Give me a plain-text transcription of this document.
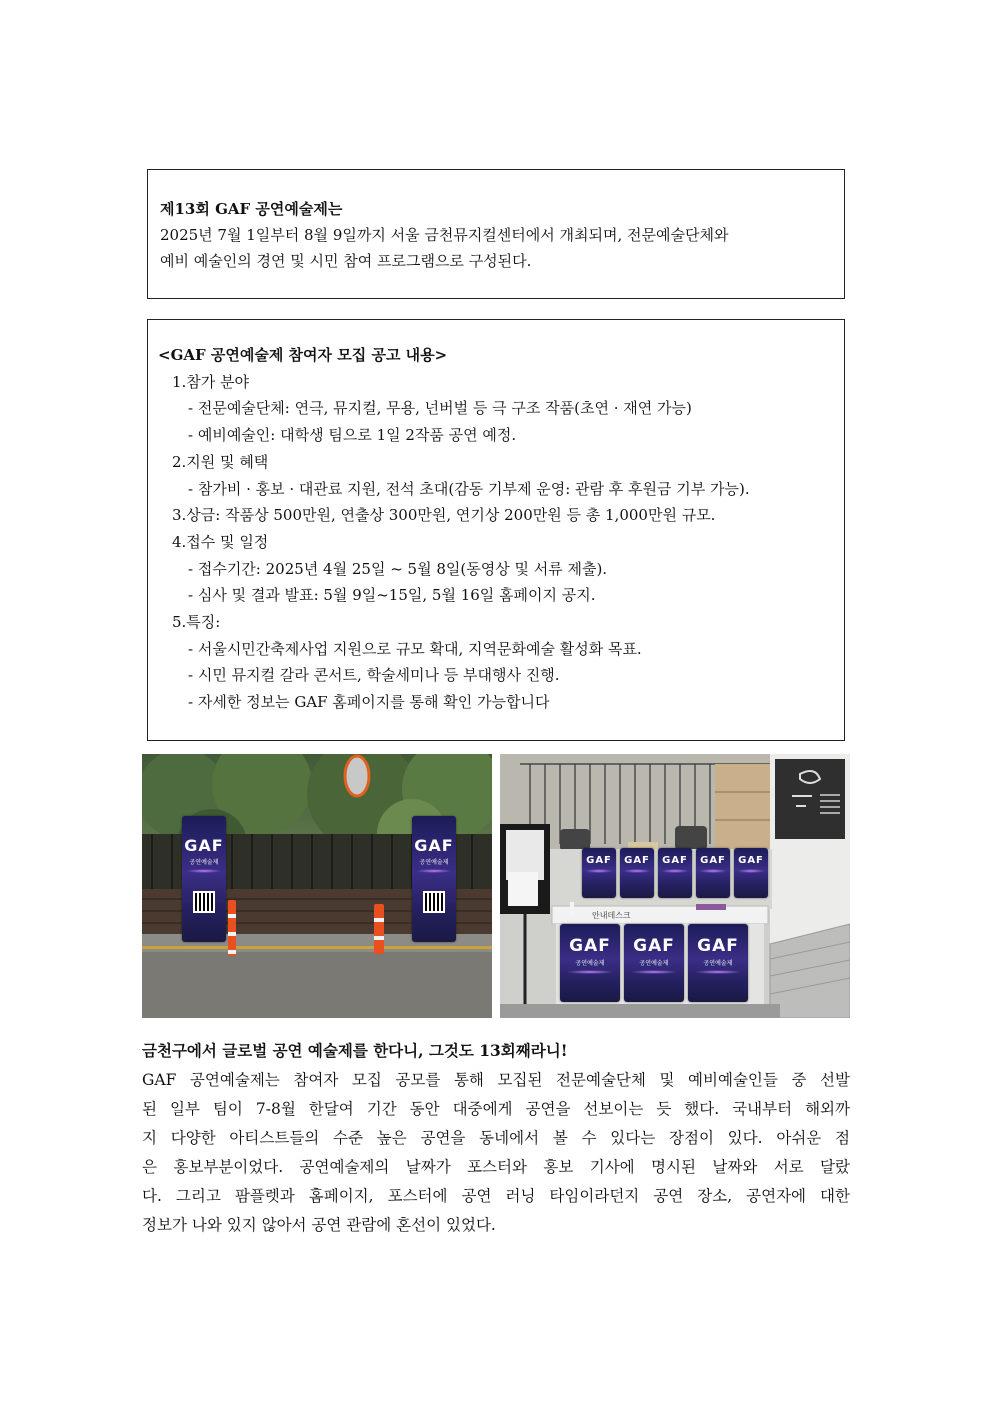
제13회 GAF 공연예술제는
2025년 7월 1일부터 8월 9일까지 서울 금천뮤지컬센터에서 개최되며, 전문예술단체와
예비 예술인의 경연 및 시민 참여 프로그램으로 구성된다.
<GAF 공연예술제 참여자 모집 공고 내용>
1.참가 분야
- 전문예술단체: 연극, 뮤지컬, 무용, 넌버벌 등 극 구조 작품(초연 · 재연 가능)
- 예비예술인: 대학생 팀으로 1일 2작품 공연 예정.
2.지원 및 혜택
- 참가비 · 홍보 · 대관료 지원, 전석 초대(감동 기부제 운영: 관람 후 후원금 기부 가능).
3.상금: 작품상 500만원, 연출상 300만원, 연기상 200만원 등 총 1,000만원 규모.
4.접수 및 일정
- 접수기간: 2025년 4월 25일 ~ 5월 8일(동영상 및 서류 제출).
- 심사 및 결과 발표: 5월 9일~15일, 5월 16일 홈페이지 공지.
5.특징:
- 서울시민간축제사업 지원으로 규모 확대, 지역문화예술 활성화 목표.
- 시민 뮤지컬 갈라 콘서트, 학술세미나 등 부대행사 진행.
- 자세한 정보는 GAF 홈페이지를 통해 확인 가능합니다
GAF
공연예술제
GAF
공연예술제	GAF GAF GAF GAF GAF
안내데스크
GAF
공연예술제
GAF
공연예술제
GAF
공연예술제
금천구에서 글로벌 공연 예술제를 한다니, 그것도 13회째라니!
GAF 공연예술제는 참여자 모집 공모를 통해 모집된 전문예술단체 및 예비예술인들 중 선발
된 일부 팀이 7-8월 한달여 기간 동안 대중에게 공연을 선보이는 듯 했다. 국내부터 해외까
지 다양한 아티스트들의 수준 높은 공연을 동네에서 볼 수 있다는 장점이 있다. 아쉬운 점
은 홍보부분이었다. 공연예술제의 날짜가 포스터와 홍보 기사에 명시된 날짜와 서로 달랐
다. 그리고 팜플렛과 홈페이지, 포스터에 공연 러닝 타임이라던지 공연 장소, 공연자에 대한
정보가 나와 있지 않아서 공연 관람에 혼선이 있었다.
